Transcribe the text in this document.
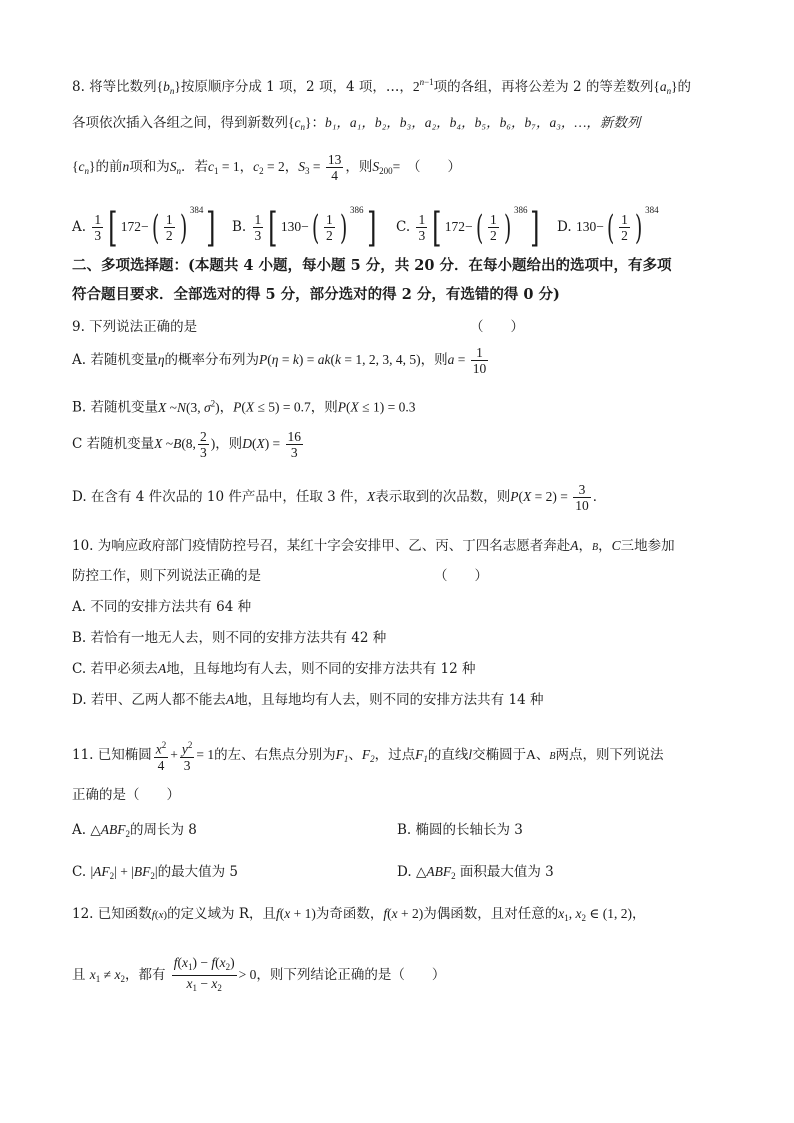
8. 将等比数列$\{b_n\}$按原顺序分成 1 项，2 项，4 项，…，$2^{n-1}$项的各组，再将公差为 2 的等差数列$\{a_n\}$的
各项依次插入各组之间，得到新数列$\{c_n\}$：b₁，a₁，b₂，b₃，a₂，b₄，b₅，b₆，b₇，a₃，…，新数列
$\{c_n\}$的前n项和为$S_n$．若$c_1 = 1$，$c_2 = 2$，$S_3 = \frac{13}{4}$ ，则$S_{200}=$　 （　　）
A. $\frac{1}{3}$ [ $172-( \frac{1}{2}$ ) $^{384}$] B. $\frac{1}{3}$ [ $130-( \frac{1}{2}$ ) $^{386}$] C. $\frac{1}{3}$ [ $172-( \frac{1}{2}$ ) $^{386}$] D. $130-( \frac{1}{2}$ ) $^{384}$
二、多项选择题：(本题共 4 小题，每小题 5 分，共 20 分．在每小题给出的选项中，有多项
符合题目要求．全部选对的得 5 分，部分选对的得 2 分，有选错的得 0 分)
9. 下列说法正确的是	（　　）
A. 若随机变量η的概率分布列为P(η = k) = ak(k = 1, 2, 3, 4, 5)，则$a = \frac{1}{10}$
B. 若随机变量X ~N(3, $\sigma^2$)，P(X ≤ 5) = 0.7，则P(X ≤ 1) = 0.3
C 若随机变量X ~B(8, $\frac{2}{3}$ )，则$D(X) = \frac{16}{3}$
D. 在含有 4 件次品的 10 件产品中，任取 3 件，X表示取到的次品数，则$P(X = 2) = \frac{3}{10}$ ．
10. 为响应政府部门疫情防控号召，某红十字会安排甲、乙、丙、丁四名志愿者奔赴A，B，C三地参加
防控工作，则下列说法正确的是	（　　）
A. 不同的安排方法共有 64 种
B. 若恰有一地无人去，则不同的安排方法共有 42 种
C. 若甲必须去A地，且每地均有人去，则不同的安排方法共有 12 种
D. 若甲、乙两人都不能去A地，且每地均有人去，则不同的安排方法共有 14 种
11. 已知椭圆 $\frac{x^2}{4} + \frac{y^2}{3} = 1$的左、右焦点分别为$F_1$、$F_2$，过点$F_1$的直线l交椭圆于A、B两点，则下列说法
正确的是（　　）
A. $\triangle ABF_2$的周长为 8	B. 椭圆的长轴长为 3
C. $|AF_2| + |BF_2|$的最大值为 5	D. $\triangle ABF_2$ 面积最大值为 3
12. 已知函数f(x)的定义域为 R，且f(x + 1)为奇函数，f(x + 2)为偶函数，且对任意的$x_1$, $x_2$ ∈ (1, 2)，
且 $x_1 \ne x_2$，都有 $\frac{f(x_1) - f(x_2)}{x_1 - x_2} > 0$，则下列结论正确的是（　　）
